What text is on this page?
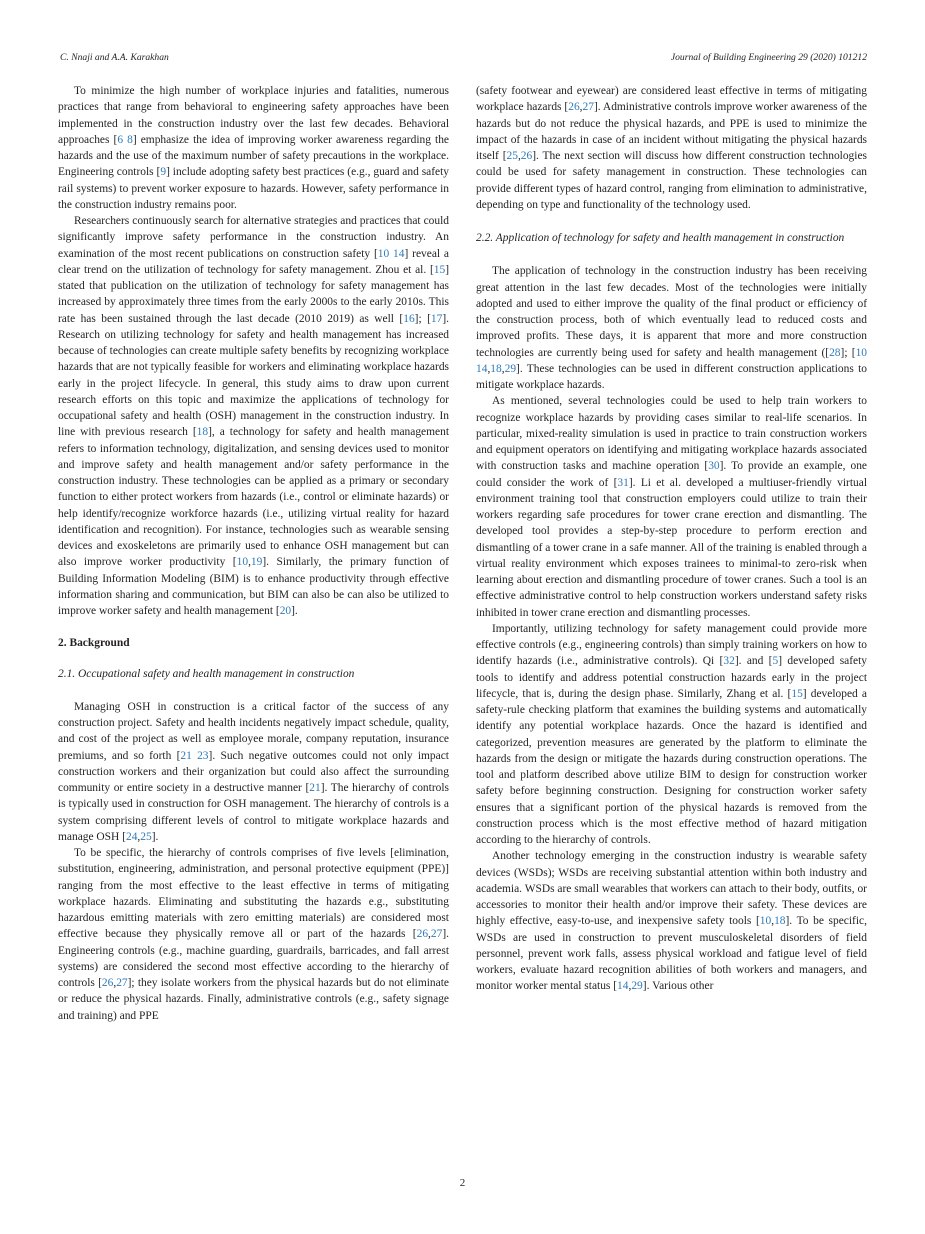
C. Nnaji and A.A. Karakhan	Journal of Building Engineering 29 (2020) 101212

To minimize the high number of workplace injuries and fatalities, numerous practices that range from behavioral to engineering safety approaches have been implemented in the construction industry over the last few decades. Behavioral approaches [6 8] emphasize the idea of improving worker awareness regarding the hazards and the use of the maximum number of safety precautions in the workplace. Engineering controls [9] include adopting safety best practices (e.g., guard and safety rail systems) to prevent worker exposure to hazards. However, safety performance in the construction industry remains poor.

Researchers continuously search for alternative strategies and practices that could significantly improve safety performance in the construction industry. An examination of the most recent publications on construction safety [10 14] reveal a clear trend on the utilization of technology for safety management. Zhou et al. [15] stated that publication on the utilization of technology for safety management has increased by approximately three times from the early 2000s to the early 2010s. This rate has been sustained through the last decade (2010 2019) as well [16]; [17]. Research on utilizing technology for safety and health management has increased because of technologies can create multiple safety benefits by recognizing workplace hazards that are not typically feasible for workers and eliminating workplace hazards early in the project lifecycle. In general, this study aims to draw upon current research efforts on this topic and maximize the applications of technology for occupational safety and health (OSH) management in the construction industry. In line with previous research [18], a technology for safety and health management refers to information technology, digitalization, and sensing devices used to monitor and improve safety and health management and/or safety performance in the construction industry. These technologies can be applied as a primary or secondary function to either protect workers from hazards (i.e., control or eliminate hazards) or help identify/recognize workforce hazards (i.e., utilizing virtual reality for hazard identification and recognition). For instance, technologies such as wearable sensing devices and exoskeletons are primarily used to enhance OSH management but can also improve worker productivity [10,19]. Similarly, the primary function of Building Information Modeling (BIM) is to enhance productivity through effective information sharing and communication, but BIM can also be can also be utilized to improve worker safety and health management [20].

2. Background
2.1. Occupational safety and health management in construction

Managing OSH in construction is a critical factor of the success of any construction project. Safety and health incidents negatively impact schedule, quality, and cost of the project as well as employee morale, company reputation, insurance premiums, and so forth [21 23]. Such negative outcomes could not only impact construction workers and their organization but could also affect the surrounding community or entire society in a destructive manner [21]. The hierarchy of controls is typically used in construction for OSH management. The hierarchy of controls is a system comprising different levels of control to mitigate workplace hazards and manage OSH [24,25].

To be specific, the hierarchy of controls comprises of five levels [elimination, substitution, engineering, administration, and personal protective equipment (PPE)] ranging from the most effective to the least effective in terms of mitigating workplace hazards. Eliminating and substituting the hazards e.g., substituting hazardous emitting materials with zero emitting materials) are considered most effective because they physically remove all or part of the hazards [26,27]. Engineering controls (e.g., machine guarding, guardrails, barricades, and fall arrest systems) are considered the second most effective according to the hierarchy of controls [26,27]; they isolate workers from the physical hazards but do not eliminate or reduce the physical hazards. Finally, administrative controls (e.g., safety signage and training) and PPE

(safety footwear and eyewear) are considered least effective in terms of mitigating workplace hazards [26,27]. Administrative controls improve worker awareness of the hazards but do not reduce the physical hazards, and PPE is used to minimize the impact of the hazards in case of an incident without mitigating the physical hazards itself [25,26]. The next section will discuss how different construction technologies could be used for safety management in construction. These technologies can provide different types of hazard control, ranging from elimination to administrative, depending on type and functionality of the technology used.

2.2. Application of technology for safety and health management in construction

The application of technology in the construction industry has been receiving great attention in the last few decades. Most of the technologies were initially adopted and used to either improve the quality of the final product or efficiency of the construction process, both of which eventually lead to reduced costs and improved profits. These days, it is apparent that more and more construction technologies are currently being used for safety and health management ([28]; [10 14,18,29]. These technologies can be used in different construction applications to mitigate workplace hazards.

As mentioned, several technologies could be used to help train workers to recognize workplace hazards by providing cases similar to real-life scenarios. In particular, mixed-reality simulation is used in practice to train construction workers and equipment operators on identifying and mitigating workplace hazards associated with construction tasks and machine operation [30]. To provide an example, one could consider the work of [31]. Li et al. developed a multiuser-friendly virtual environment training tool that construction employers could utilize to train their workers regarding safe procedures for tower crane erection and dismantling. The developed tool provides a step-by-step procedure to perform erection and dismantling of a tower crane in a safe manner. All of the training is enabled through a virtual reality environment which exposes trainees to minimal-to zero-risk when learning about erection and dismantling procedure of tower cranes. Such a tool is an effective administrative control to help construction workers understand safety risks inhibited in tower crane erection and dismantling processes.

Importantly, utilizing technology for safety management could provide more effective controls (e.g., engineering controls) than simply training workers on how to identify hazards (i.e., administrative controls). Qi [32]. and [5] developed safety tools to identify and address potential construction hazards early in the project lifecycle, that is, during the design phase. Similarly, Zhang et al. [15] developed a safety-rule checking platform that examines the building systems and automatically identify any potential workplace hazards. Once the hazard is identified and categorized, prevention measures are generated by the platform to eliminate the hazards from the design or mitigate the hazards during construction operations. The tool and platform described above utilize BIM to design for construction worker safety before beginning construction. Designing for construction worker safety ensures that a significant portion of the physical hazards is removed from the construction process which is the most effective method of hazard mitigation according to the hierarchy of controls.

Another technology emerging in the construction industry is wearable safety devices (WSDs); WSDs are receiving substantial attention within both industry and academia. WSDs are small wearables that workers can attach to their body, outfits, or accessories to monitor their health and/or improve their safety. These devices are highly effective, easy-to-use, and inexpensive safety tools [10,18]. To be specific, WSDs are used in construction to prevent musculoskeletal disorders of field personnel, prevent work falls, assess physical workload and fatigue level of field workers, evaluate hazard recognition abilities of both workers and managers, and monitor worker mental status [14,29]. Various other

2
